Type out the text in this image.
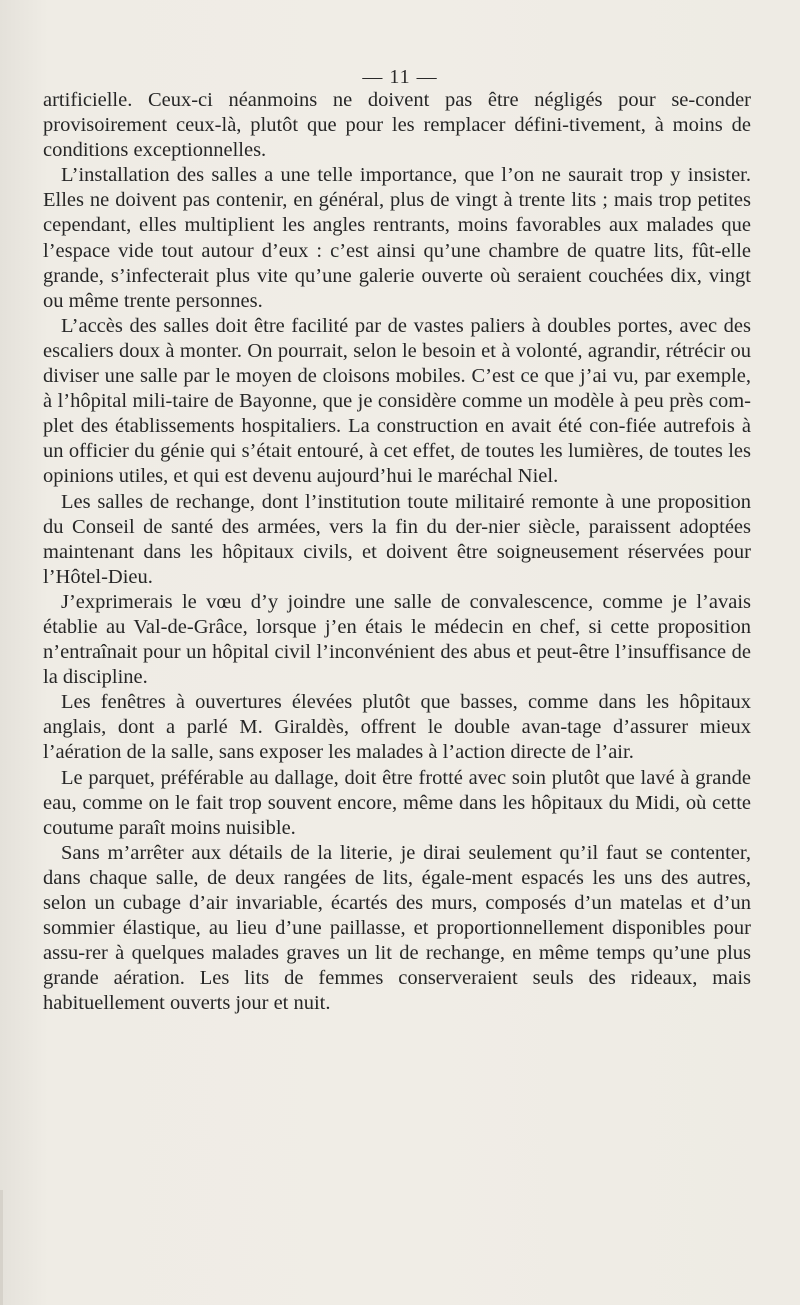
— 11 —

artificielle. Ceux-ci néanmoins ne doivent pas être négligés pour se-conder provisoirement ceux-là, plutôt que pour les remplacer défini-tivement, à moins de conditions exceptionnelles.

L’installation des salles a une telle importance, que l’on ne saurait trop y insister. Elles ne doivent pas contenir, en général, plus de vingt à trente lits ; mais trop petites cependant, elles multiplient les angles rentrants, moins favorables aux malades que l’espace vide tout autour d’eux : c’est ainsi qu’une chambre de quatre lits, fût-elle grande, s’infecterait plus vite qu’une galerie ouverte où seraient couchées dix, vingt ou même trente personnes.

L’accès des salles doit être facilité par de vastes paliers à doubles portes, avec des escaliers doux à monter. On pourrait, selon le besoin et à volonté, agrandir, rétrécir ou diviser une salle par le moyen de cloisons mobiles. C’est ce que j’ai vu, par exemple, à l’hôpital mili-taire de Bayonne, que je considère comme un modèle à peu près com-plet des établissements hospitaliers. La construction en avait été con-fiée autrefois à un officier du génie qui s’était entouré, à cet effet, de toutes les lumières, de toutes les opinions utiles, et qui est devenu aujourd’hui le maréchal Niel.

Les salles de rechange, dont l’institution toute militairé remonte à une proposition du Conseil de santé des armées, vers la fin du der-nier siècle, paraissent adoptées maintenant dans les hôpitaux civils, et doivent être soigneusement réservées pour l’Hôtel-Dieu.

J’exprimerais le vœu d’y joindre une salle de convalescence, comme je l’avais établie au Val-de-Grâce, lorsque j’en étais le médecin en chef, si cette proposition n’entraînait pour un hôpital civil l’inconvénient des abus et peut-être l’insuffisance de la discipline.

Les fenêtres à ouvertures élevées plutôt que basses, comme dans les hôpitaux anglais, dont a parlé M. Giraldès, offrent le double avan-tage d’assurer mieux l’aération de la salle, sans exposer les malades à l’action directe de l’air.

Le parquet, préférable au dallage, doit être frotté avec soin plutôt que lavé à grande eau, comme on le fait trop souvent encore, même dans les hôpitaux du Midi, où cette coutume paraît moins nuisible.

Sans m’arrêter aux détails de la literie, je dirai seulement qu’il faut se contenter, dans chaque salle, de deux rangées de lits, égale-ment espacés les uns des autres, selon un cubage d’air invariable, écartés des murs, composés d’un matelas et d’un sommier élastique, au lieu d’une paillasse, et proportionnellement disponibles pour assu-rer à quelques malades graves un lit de rechange, en même temps qu’une plus grande aération. Les lits de femmes conserveraient seuls des rideaux, mais habituellement ouverts jour et nuit.
